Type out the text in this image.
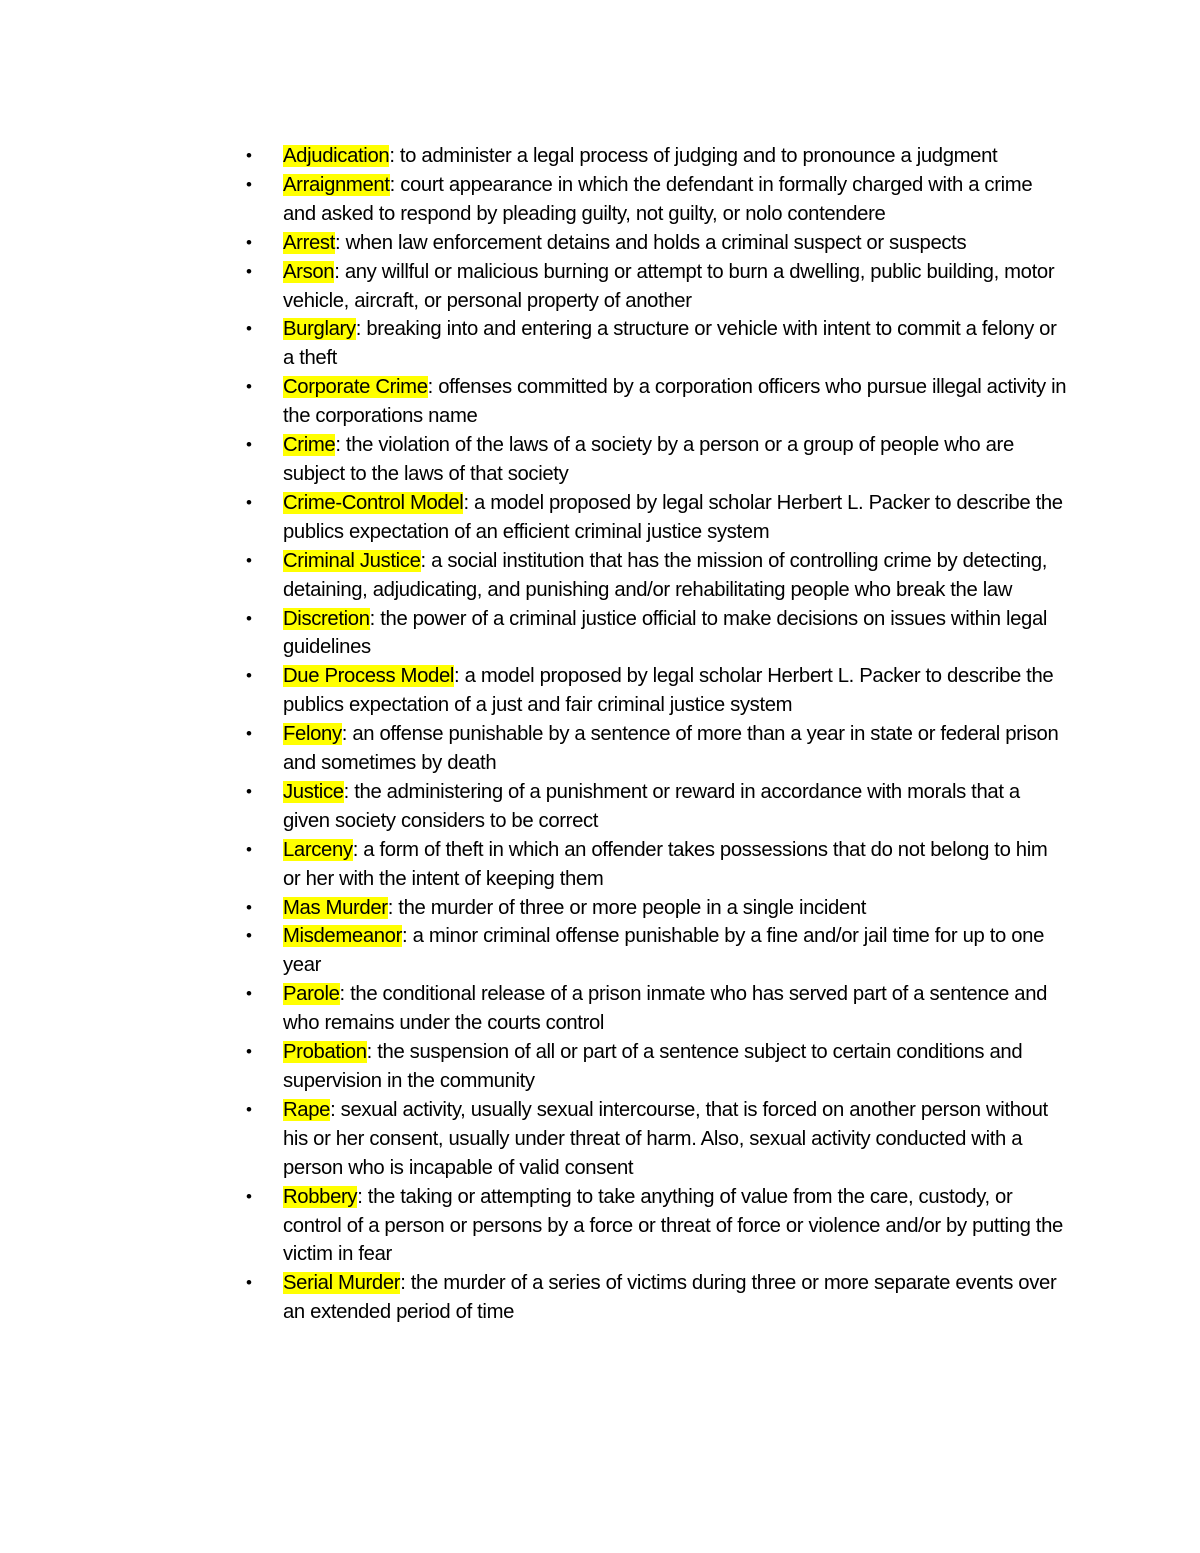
• Adjudication: to administer a legal process of judging and to pronounce a judgment
• Arraignment: court appearance in which the defendant in formally charged with a crime and asked to respond by pleading guilty, not guilty, or nolo contendere
• Arrest: when law enforcement detains and holds a criminal suspect or suspects
• Arson: any willful or malicious burning or attempt to burn a dwelling, public building, motor vehicle, aircraft, or personal property of another
• Burglary: breaking into and entering a structure or vehicle with intent to commit a felony or a theft
• Corporate Crime: offenses committed by a corporation officers who pursue illegal activity in the corporations name
• Crime: the violation of the laws of a society by a person or a group of people who are subject to the laws of that society
• Crime-Control Model: a model proposed by legal scholar Herbert L. Packer to describe the publics expectation of an efficient criminal justice system
• Criminal Justice: a social institution that has the mission of controlling crime by detecting, detaining, adjudicating, and punishing and/or rehabilitating people who break the law
• Discretion: the power of a criminal justice official to make decisions on issues within legal guidelines
• Due Process Model: a model proposed by legal scholar Herbert L. Packer to describe the publics expectation of a just and fair criminal justice system
• Felony: an offense punishable by a sentence of more than a year in state or federal prison and sometimes by death
• Justice: the administering of a punishment or reward in accordance with morals that a given society considers to be correct
• Larceny: a form of theft in which an offender takes possessions that do not belong to him or her with the intent of keeping them
• Mas Murder: the murder of three or more people in a single incident
• Misdemeanor: a minor criminal offense punishable by a fine and/or jail time for up to one year
• Parole: the conditional release of a prison inmate who has served part of a sentence and who remains under the courts control
• Probation: the suspension of all or part of a sentence subject to certain conditions and supervision in the community
• Rape: sexual activity, usually sexual intercourse, that is forced on another person without his or her consent, usually under threat of harm. Also, sexual activity conducted with a person who is incapable of valid consent
• Robbery: the taking or attempting to take anything of value from the care, custody, or control of a person or persons by a force or threat of force or violence and/or by putting the victim in fear
• Serial Murder: the murder of a series of victims during three or more separate events over an extended period of time
